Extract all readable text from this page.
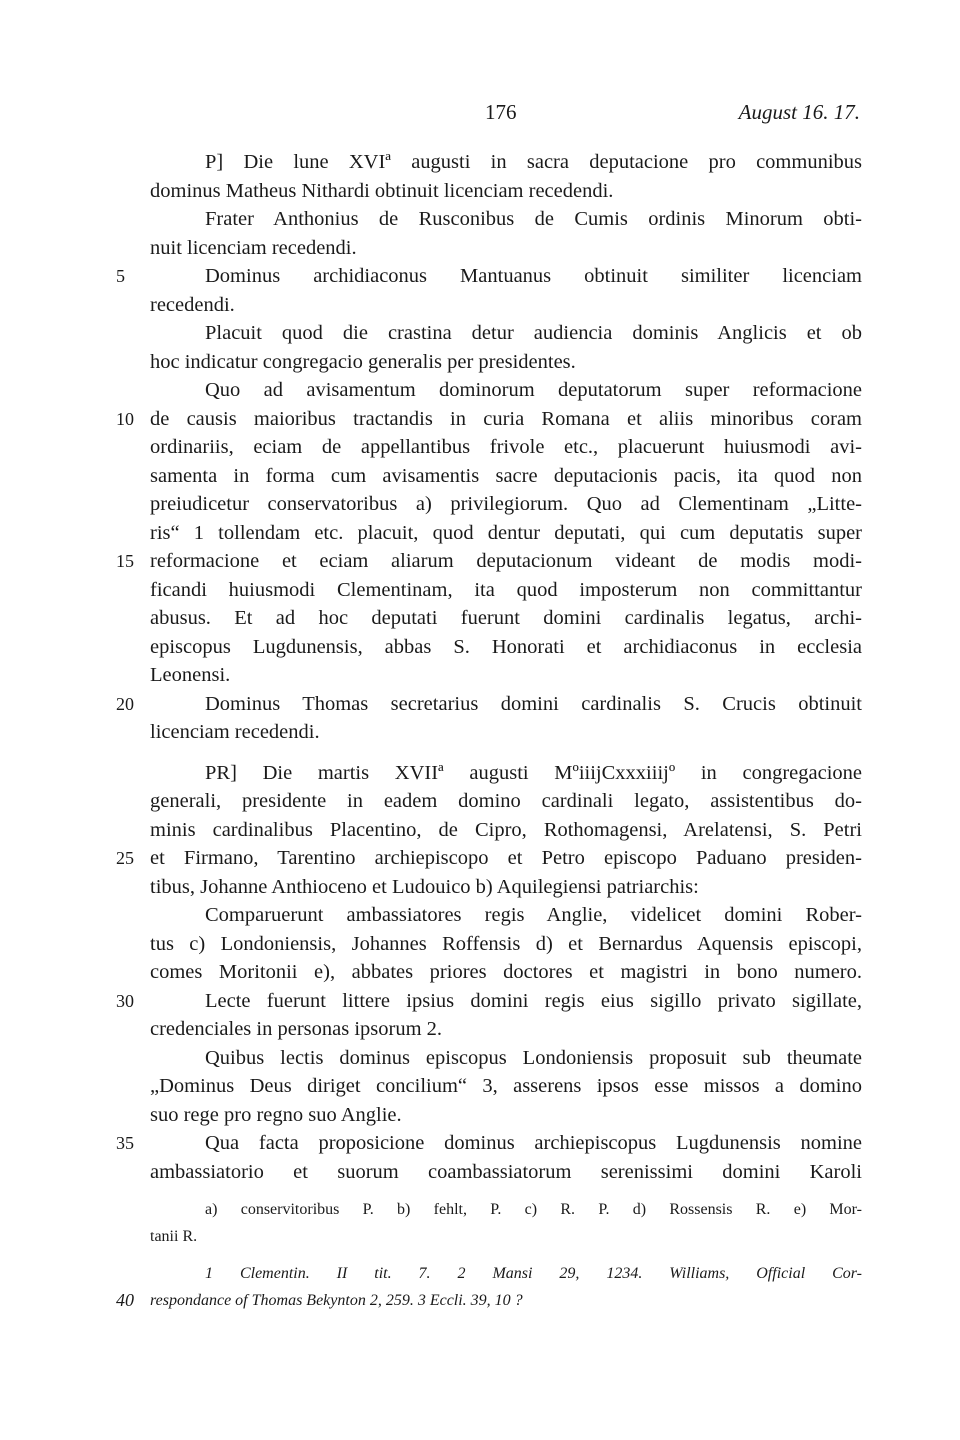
176	August 16. 17.
P] Die lune XVIª augusti in sacra deputacione pro communibus
dominus Matheus Nithardi obtinuit licenciam recedendi.
Frater Anthonius de Rusconibus de Cumis ordinis Minorum obti-
nuit licenciam recedendi.
5	Dominus archidiaconus Mantuanus obtinuit similiter licenciam
recedendi.
Placuit quod die crastina detur audiencia dominis Anglicis et ob
hoc indicatur congregacio generalis per presidentes.
Quo ad avisamentum dominorum deputatorum super reformacione
10 de causis maioribus tractandis in curia Romana et aliis minoribus coram
ordinariis, eciam de appellantibus frivole etc., placuerunt huiusmodi avi-
samenta in forma cum avisamentis sacre deputacionis pacis, ita quod non
preiudicetur conservatoribus a) privilegiorum. Quo ad Clementinam „Litte-
ris“ 1 tollendam etc. placuit, quod dentur deputati, qui cum deputatis super
15 reformacione et eciam aliarum deputacionum videant de modis modi-
ficandi huiusmodi Clementinam, ita quod imposterum non committantur
abusus. Et ad hoc deputati fuerunt domini cardinalis legatus, archi-
episcopus Lugdunensis, abbas S. Honorati et archidiaconus in ecclesia
Leonensi.
20	Dominus Thomas secretarius domini cardinalis S. Crucis obtinuit
licenciam recedendi.
PR] Die martis XVIIª augusti MºiiijCxxxiiijº in congregacione
generali, presidente in eadem domino cardinali legato, assistentibus do-
minis cardinalibus Placentino, de Cipro, Rothomagensi, Arelatensi, S. Petri
25 et Firmano, Tarentino archiepiscopo et Petro episcopo Paduano presiden-
tibus, Johanne Anthioceno et Ludouico b) Aquilegiensi patriarchis:
Comparuerunt ambassiatores regis Anglie, videlicet domini Rober-
tus c) Londoniensis, Johannes Roffensis d) et Bernardus Aquensis episcopi,
comes Moritonii e), abbates priores doctores et magistri in bono numero.
30	Lecte fuerunt littere ipsius domini regis eius sigillo privato sigillate,
credenciales in personas ipsorum 2.
Quibus lectis dominus episcopus Londoniensis proposuit sub theumate
„Dominus Deus diriget concilium“ 3, asserens ipsos esse missos a domino
suo rege pro regno suo Anglie.
35	Qua facta proposicione dominus archiepiscopus Lugdunensis nomine
ambassiatorio et suorum coambassiatorum serenissimi domini Karoli
a) conservitoribus P. b) fehlt, P. c) R. P. d) Rossensis R. e) Mor-
tanii R.
1 Clementin. II tit. 7. 2 Mansi 29, 1234. Williams, Official Cor-
40 respondance of Thomas Bekynton 2, 259. 3 Eccli. 39, 10 ?
